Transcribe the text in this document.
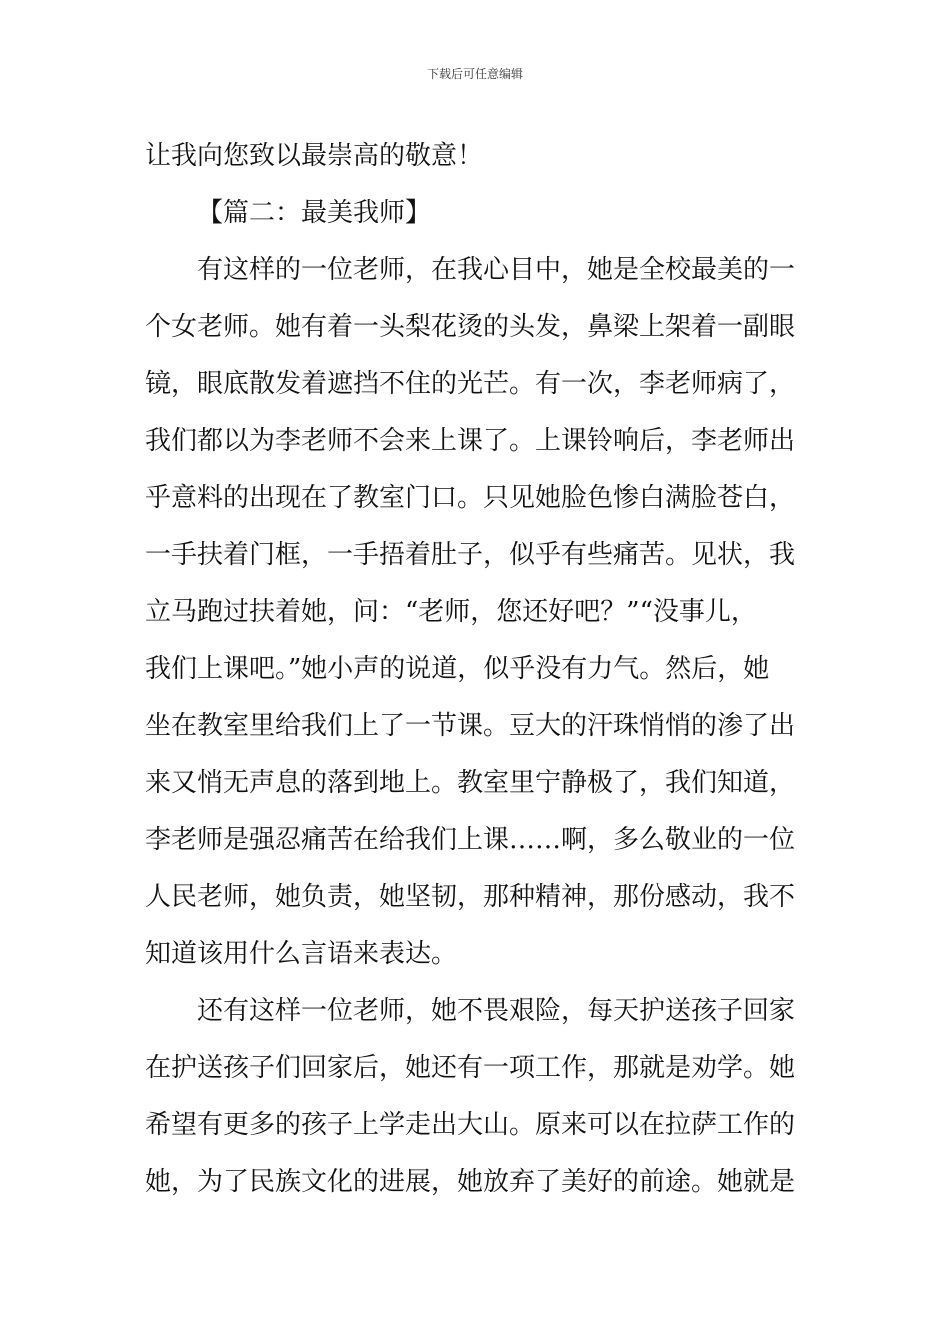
下载后可任意编辑
让我向您致以最崇高的敬意！
【篇二：最美我师】
有这样的一位老师，在我心目中，她是全校最美的一
个女老师。她有着一头梨花烫的头发，鼻梁上架着一副眼
镜，眼底散发着遮挡不住的光芒。有一次，李老师病了，
我们都以为李老师不会来上课了。上课铃响后，李老师出
乎意料的出现在了教室门口。只见她脸色惨白满脸苍白，
一手扶着门框，一手捂着肚子，似乎有些痛苦。见状，我
立马跑过扶着她，问：“老师，您还好吧？”“没事儿，
我们上课吧。”她小声的说道，似乎没有力气。然后，她
坐在教室里给我们上了一节课。豆大的汗珠悄悄的渗了出
来又悄无声息的落到地上。教室里宁静极了，我们知道，
李老师是强忍痛苦在给我们上课……啊，多么敬业的一位
人民老师，她负责，她坚韧，那种精神，那份感动，我不
知道该用什么言语来表达。
还有这样一位老师，她不畏艰险，每天护送孩子回家
在护送孩子们回家后，她还有一项工作，那就是劝学。她
希望有更多的孩子上学走出大山。原来可以在拉萨工作的
她，为了民族文化的进展，她放弃了美好的前途。她就是
